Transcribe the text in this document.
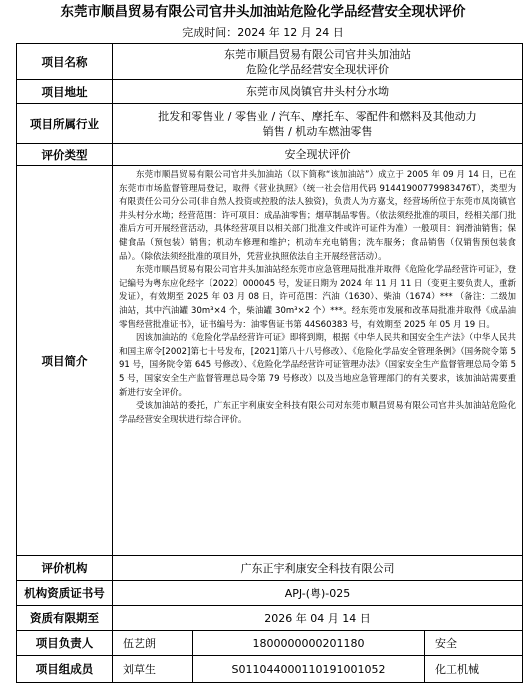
东莞市顺昌贸易有限公司官井头加油站危险化学品经营安全现状评价
完成时间：2024 年 12 月 24 日
项目名称	东莞市顺昌贸易有限公司官井头加油站
危险化学品经营安全现状评价		

项目地址	东莞市凤岗镇官井头村分水坳		
项目所属行业	批发和零售业 / 零售业 / 汽车、摩托车、零配件和燃料及其他动力
销售 / 机动车燃油零售		

评价类型	安全现状评价		
项目简介	东莞市顺昌贸易有限公司官井头加油站（以下简称“该加油站”）成立于 2005 年 09 月 14 日，已在东莞市市场监督管理局登记，取得《营业执照》（统一社会信用代码 91441900779983476T），类型为有限责任公司分公司(非自然人投资或控股的法人独资)，负责人为方嘉戈，经营场所位于东莞市凤岗镇官井头村分水坳；经营范围：许可项目：成品油零售；烟草制品零售。（依法须经批准的项目，经相关部门批准后方可开展经营活动，具体经营项目以相关部门批准文件或许可证件为准）一般项目：润滑油销售；保健食品（预包装）销售；机动车修理和维护；机动车充电销售；洗车服务；食品销售（仅销售预包装食品）。（除依法须经批准的项目外，凭营业执照依法自主开展经营活动）。

东莞市顺昌贸易有限公司官井头加油站经东莞市应急管理局批准并取得《危险化学品经营许可证》，登记编号为粤东应化经字〔2022〕000045 号，发证日期为 2024 年 11 月 11 日（变更主要负责人，重新发证），有效期至 2025 年 03 月 08 日，许可范围：汽油（1630）、柴油（1674）*** （备注：二级加油站，其中汽油罐 30m³×4 个，柴油罐 30m³×2 个）***。经东莞市发展和改革局批准并取得《成品油零售经营批准证书》，证书编号为：油零售证书第 44S60383 号，有效期至 2025 年 05 月 19 日。

因该加油站的《危险化学品经营许可证》即将到期，根据《中华人民共和国安全生产法》（中华人民共和国主席令[2002]第七十号发布，[2021]第八十八号修改）、《危险化学品安全管理条例》（国务院令第 591 号，国务院令第 645 号修改）、《危险化学品经营许可证管理办法》（国家安全生产监督管理总局令第 55 号，国家安全生产监督管理总局令第 79 号修改）以及当地应急管理部门的有关要求，该加油站需要重新进行安全评价。

受该加油站的委托，广东正宇利康安全科技有限公司对东莞市顺昌贸易有限公司官井头加油站危险化学品经营安全现状进行综合评价。		

评价机构	广东正宇利康安全科技有限公司		
机构资质证书号	APJ-(粤)-025		
资质有限期至	2026 年 04 月 14 日		
项目负责人	伍艺朗	1800000000201180	安全
项目组成员	刘草生	S011044000110191001052	化工机械
